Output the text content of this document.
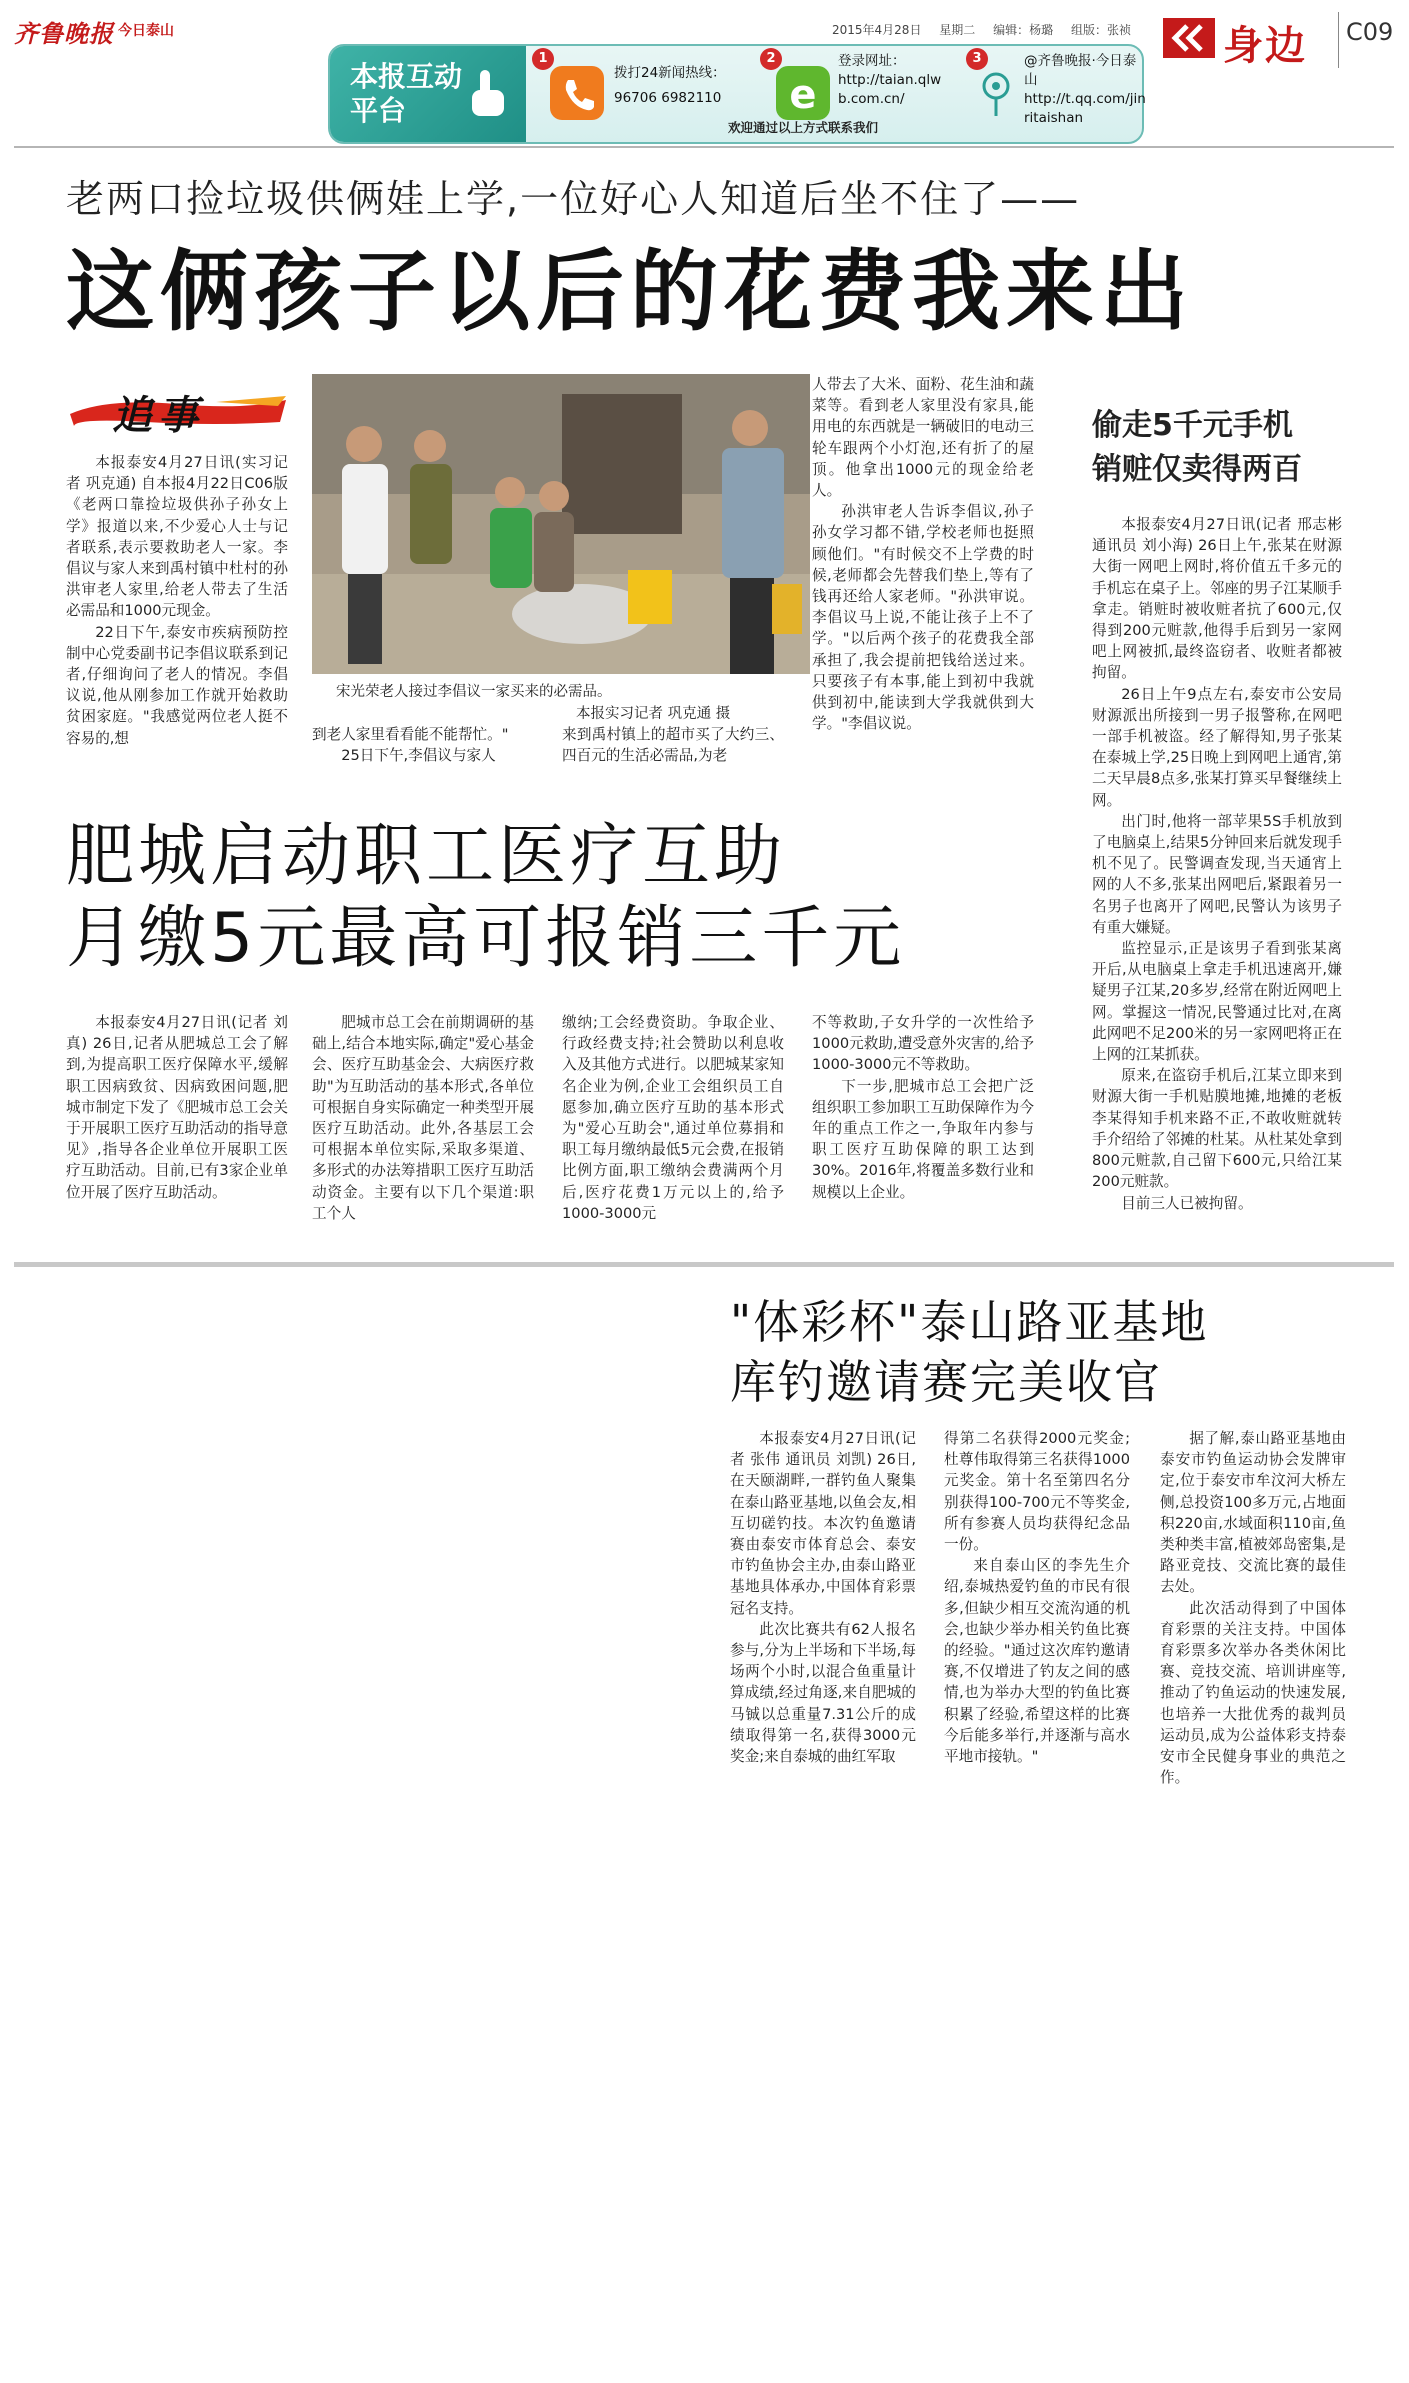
齐鲁晚报 今日泰山	2015年4月28日 星期二 编辑：杨璐 组版：张祯	身边 C09
本报互动平台
1
拨打24新闻热线：
96706 6982110
2
e
登录网址：
http://taian.qlw
b.com.cn/
3	@齐鲁晚报·今日泰山
http://t.qq.com/jin
ritaishan
欢迎通过以上方式联系我们
老两口捡垃圾供俩娃上学,一位好心人知道后坐不住了——
这俩孩子以后的花费我来出
追事

本报泰安4月27日讯(实习记者 巩克通) 自本报4月22日C06版《老两口靠捡垃圾供孙子孙女上学》报道以来,不少爱心人士与记者联系,表示要救助老人一家。李倡议与家人来到禹村镇中杜村的孙洪审老人家里,给老人带去了生活必需品和1000元现金。

22日下午,泰安市疾病预防控制中心党委副书记李倡议联系到记者,仔细询问了老人的情况。李倡议说,他从刚参加工作就开始救助贫困家庭。"我感觉两位老人挺不容易的,想

宋光荣老人接过李倡议一家买来的必需品。
本报实习记者 巩克通 摄

到老人家里看看能不能帮忙。"

25日下午,李倡议与家人

来到禹村镇上的超市买了大约三、四百元的生活必需品,为老

人带去了大米、面粉、花生油和蔬菜等。看到老人家里没有家具,能用电的东西就是一辆破旧的电动三轮车跟两个小灯泡,还有折了的屋顶。他拿出1000元的现金给老人。

孙洪审老人告诉李倡议,孙子孙女学习都不错,学校老师也挺照顾他们。"有时候交不上学费的时候,老师都会先替我们垫上,等有了钱再还给人家老师。"孙洪审说。李倡议马上说,不能让孩子上不了学。"以后两个孩子的花费我全部承担了,我会提前把钱给送过来。只要孩子有本事,能上到初中我就供到初中,能读到大学我就供到大学。"李倡议说。

偷走5千元手机
销赃仅卖得两百

本报泰安4月27日讯(记者 邢志彬 通讯员 刘小海) 26日上午,张某在财源大街一网吧上网时,将价值五千多元的手机忘在桌子上。邻座的男子江某顺手拿走。销赃时被收赃者抗了600元,仅得到200元赃款,他得手后到另一家网吧上网被抓,最终盗窃者、收赃者都被拘留。

26日上午9点左右,泰安市公安局财源派出所接到一男子报警称,在网吧一部手机被盗。经了解得知,男子张某在泰城上学,25日晚上到网吧上通宵,第二天早晨8点多,张某打算买早餐继续上网。

出门时,他将一部苹果5S手机放到了电脑桌上,结果5分钟回来后就发现手机不见了。民警调查发现,当天通宵上网的人不多,张某出网吧后,紧跟着另一名男子也离开了网吧,民警认为该男子有重大嫌疑。

监控显示,正是该男子看到张某离开后,从电脑桌上拿走手机迅速离开,嫌疑男子江某,20多岁,经常在附近网吧上网。掌握这一情况,民警通过比对,在离此网吧不足200米的另一家网吧将正在上网的江某抓获。

原来,在盗窃手机后,江某立即来到财源大街一手机贴膜地摊,地摊的老板李某得知手机来路不正,不敢收赃就转手介绍给了邻摊的杜某。从杜某处拿到800元赃款,自己留下600元,只给江某200元赃款。

目前三人已被拘留。

肥城启动职工医疗互助
月缴5元最高可报销三千元

本报泰安4月27日讯(记者 刘真) 26日,记者从肥城总工会了解到,为提高职工医疗保障水平,缓解职工因病致贫、因病致困问题,肥城市制定下发了《肥城市总工会关于开展职工医疗互助活动的指导意见》,指导各企业单位开展职工医疗互助活动。目前,已有3家企业单位开展了医疗互助活动。

肥城市总工会在前期调研的基础上,结合本地实际,确定"爱心基金会、医疗互助基金会、大病医疗救助"为互助活动的基本形式,各单位可根据自身实际确定一种类型开展医疗互助活动。此外,各基层工会可根据本单位实际,采取多渠道、多形式的办法筹措职工医疗互助活动资金。主要有以下几个渠道:职工个人

缴纳;工会经费资助。争取企业、行政经费支持;社会赞助以利息收入及其他方式进行。以肥城某家知名企业为例,企业工会组织员工自愿参加,确立医疗互助的基本形式为"爱心互助会",通过单位募捐和职工每月缴纳最低5元会费,在报销比例方面,职工缴纳会费满两个月后,医疗花费1万元以上的,给予1000-3000元

不等救助,子女升学的一次性给予1000元救助,遭受意外灾害的,给予1000-3000元不等救助。

下一步,肥城市总工会把广泛组织职工参加职工互助保障作为今年的重点工作之一,争取年内参与职工医疗互助保障的职工达到30%。2016年,将覆盖多数行业和规模以上企业。

"体彩杯"泰山路亚基地
库钓邀请赛完美收官

本报泰安4月27日讯(记者 张伟 通讯员 刘凯) 26日,在天颐湖畔,一群钓鱼人聚集在泰山路亚基地,以鱼会友,相互切磋钓技。本次钓鱼邀请赛由泰安市体育总会、泰安市钓鱼协会主办,由泰山路亚基地具体承办,中国体育彩票冠名支持。

此次比赛共有62人报名参与,分为上半场和下半场,每场两个小时,以混合鱼重量计算成绩,经过角逐,来自肥城的马铖以总重量7.31公斤的成绩取得第一名,获得3000元奖金;来自泰城的曲红军取

得第二名获得2000元奖金;杜尊伟取得第三名获得1000元奖金。第十名至第四名分别获得100-700元不等奖金,所有参赛人员均获得纪念品一份。

来自泰山区的李先生介绍,泰城热爱钓鱼的市民有很多,但缺少相互交流沟通的机会,也缺少举办相关钓鱼比赛的经验。"通过这次库钓邀请赛,不仅增进了钓友之间的感情,也为举办大型的钓鱼比赛积累了经验,希望这样的比赛今后能多举行,并逐渐与高水平地市接轨。"

据了解,泰山路亚基地由泰安市钓鱼运动协会发牌审定,位于泰安市牟汶河大桥左侧,总投资100多万元,占地面积220亩,水域面积110亩,鱼类种类丰富,植被郊岛密集,是路亚竞技、交流比赛的最佳去处。

此次活动得到了中国体育彩票的关注支持。中国体育彩票多次举办各类休闲比赛、竞技交流、培训讲座等,推动了钓鱼运动的快速发展,也培养一大批优秀的裁判员运动员,成为公益体彩支持泰安市全民健身事业的典范之作。
